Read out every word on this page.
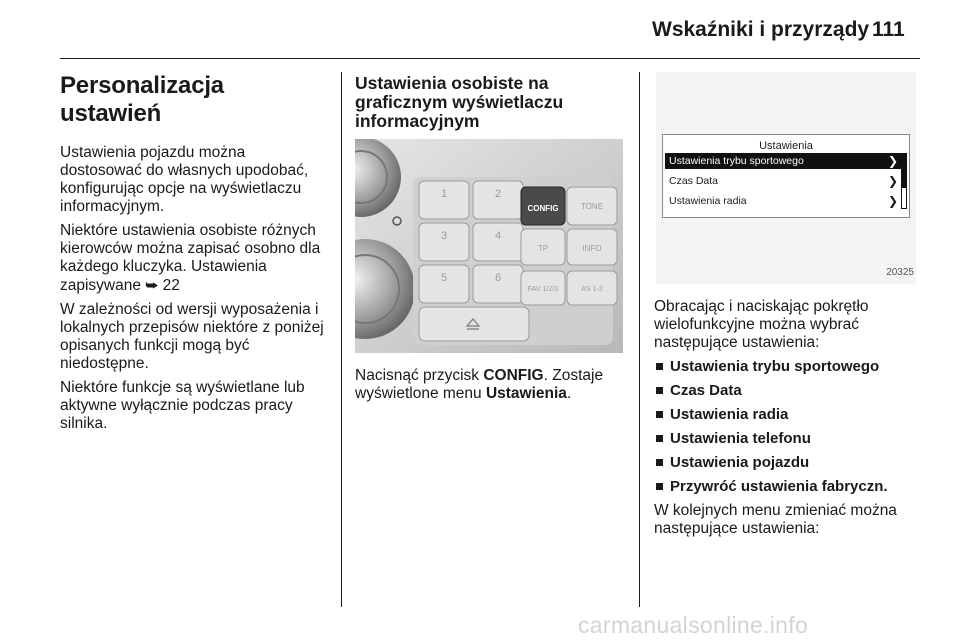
Wskaźniki i przyrządy 111
Personalizacja ustawień

Ustawienia pojazdu można dostosować do własnych upodobać, konfigurując opcje na wyświetlaczu informacyjnym.

Niektóre ustawienia osobiste różnych kierowców można zapisać osobno dla każdego kluczyka. Ustawienia zapisywane ⮩ 22

W zależności od wersji wyposażenia i lokalnych przepisów niektóre z poniżej opisanych funkcji mogą być niedostępne.

Niektóre funkcje są wyświetlane lub aktywne wyłącznie podczas pracy silnika.

Ustawienia osobiste na graficznym wyświetlaczu informacyjnym
1	2
CONFIG	TONE
3	4
TP	INFO
5	6
FAV 1/2/3	AS 1-2

Nacisnąć przycisk CONFIG. Zostaje wyświetlone menu Ustawienia.

Ustawienia
Ustawienia trybu sportowego	❯
Czas Data	❯
Ustawienia radia	❯
20325

Obracając i naciskając pokrętło wielofunkcyjne można wybrać następujące ustawienia:

Ustawienia trybu sportowego
Czas Data
Ustawienia radia
Ustawienia telefonu
Ustawienia pojazdu
Przywróć ustawienia fabryczn.

W kolejnych menu zmieniać można następujące ustawienia:

carmanualsonline.info
